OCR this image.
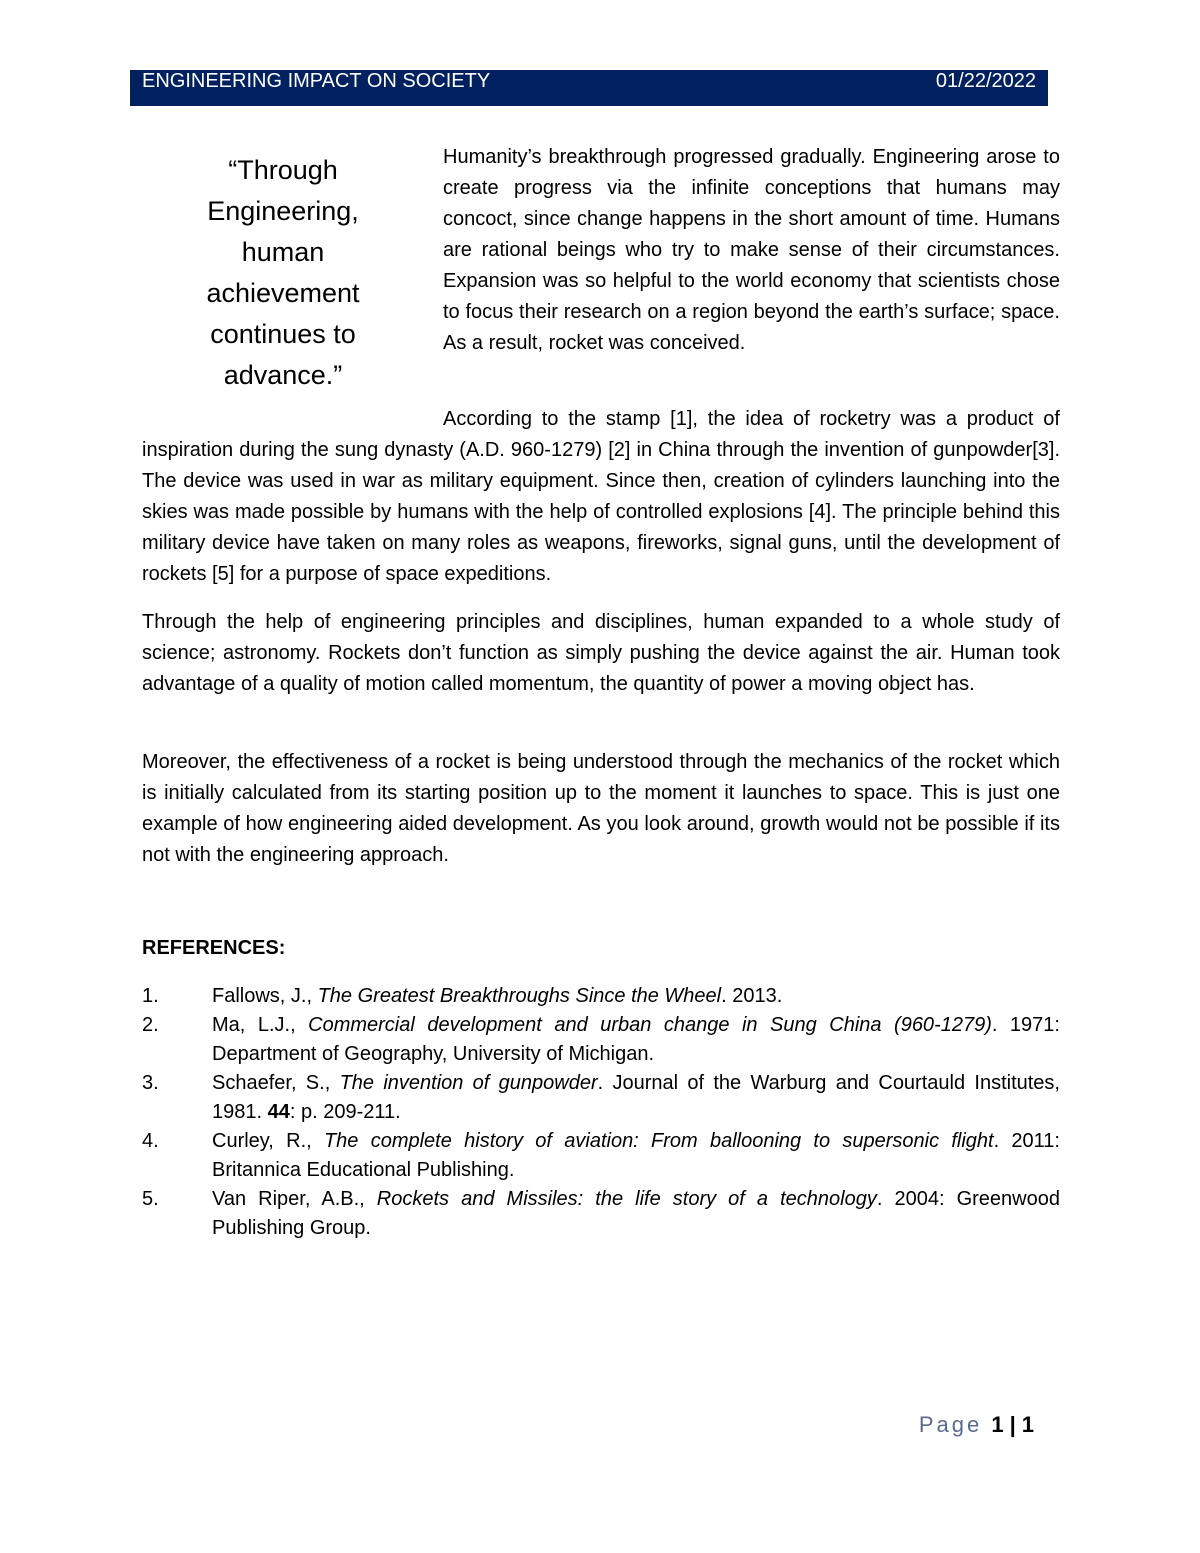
ENGINEERING IMPACT ON SOCIETY	01/22/2022
“Through Engineering, human achievement continues to advance.”

Humanity’s breakthrough progressed gradually. Engineering arose to create progress via the infinite conceptions that humans may concoct, since change happens in the short amount of time. Humans are rational beings who try to make sense of their circumstances. Expansion was so helpful to the world economy that scientists chose to focus their research on a region beyond the earth’s surface; space. As a result, rocket was conceived.

According to the stamp [1], the idea of rocketry was a product of inspiration during the sung dynasty (A.D. 960-1279) [2] in China through the invention of gunpowder[3]. The device was used in war as military equipment. Since then, creation of cylinders launching into the skies was made possible by humans with the help of controlled explosions [4]. The principle behind this military device have taken on many roles as weapons, fireworks, signal guns, until the development of rockets [5] for a purpose of space expeditions.

Through the help of engineering principles and disciplines, human expanded to a whole study of science; astronomy. Rockets don’t function as simply pushing the device against the air. Human took advantage of a quality of motion called momentum, the quantity of power a moving object has.

Moreover, the effectiveness of a rocket is being understood through the mechanics of the rocket which is initially calculated from its starting position up to the moment it launches to space. This is just one example of how engineering aided development. As you look around, growth would not be possible if its not with the engineering approach.

REFERENCES:
1.	Fallows, J., The Greatest Breakthroughs Since the Wheel. 2013.
2.	Ma, L.J., Commercial development and urban change in Sung China (960-1279). 1971: Department of Geography, University of Michigan.
3.	Schaefer, S., The invention of gunpowder. Journal of the Warburg and Courtauld Institutes, 1981. 44: p. 209-211.
4.	Curley, R., The complete history of aviation: From ballooning to supersonic flight. 2011: Britannica Educational Publishing.
5.	Van Riper, A.B., Rockets and Missiles: the life story of a technology. 2004: Greenwood Publishing Group.
Page 1 | 1
